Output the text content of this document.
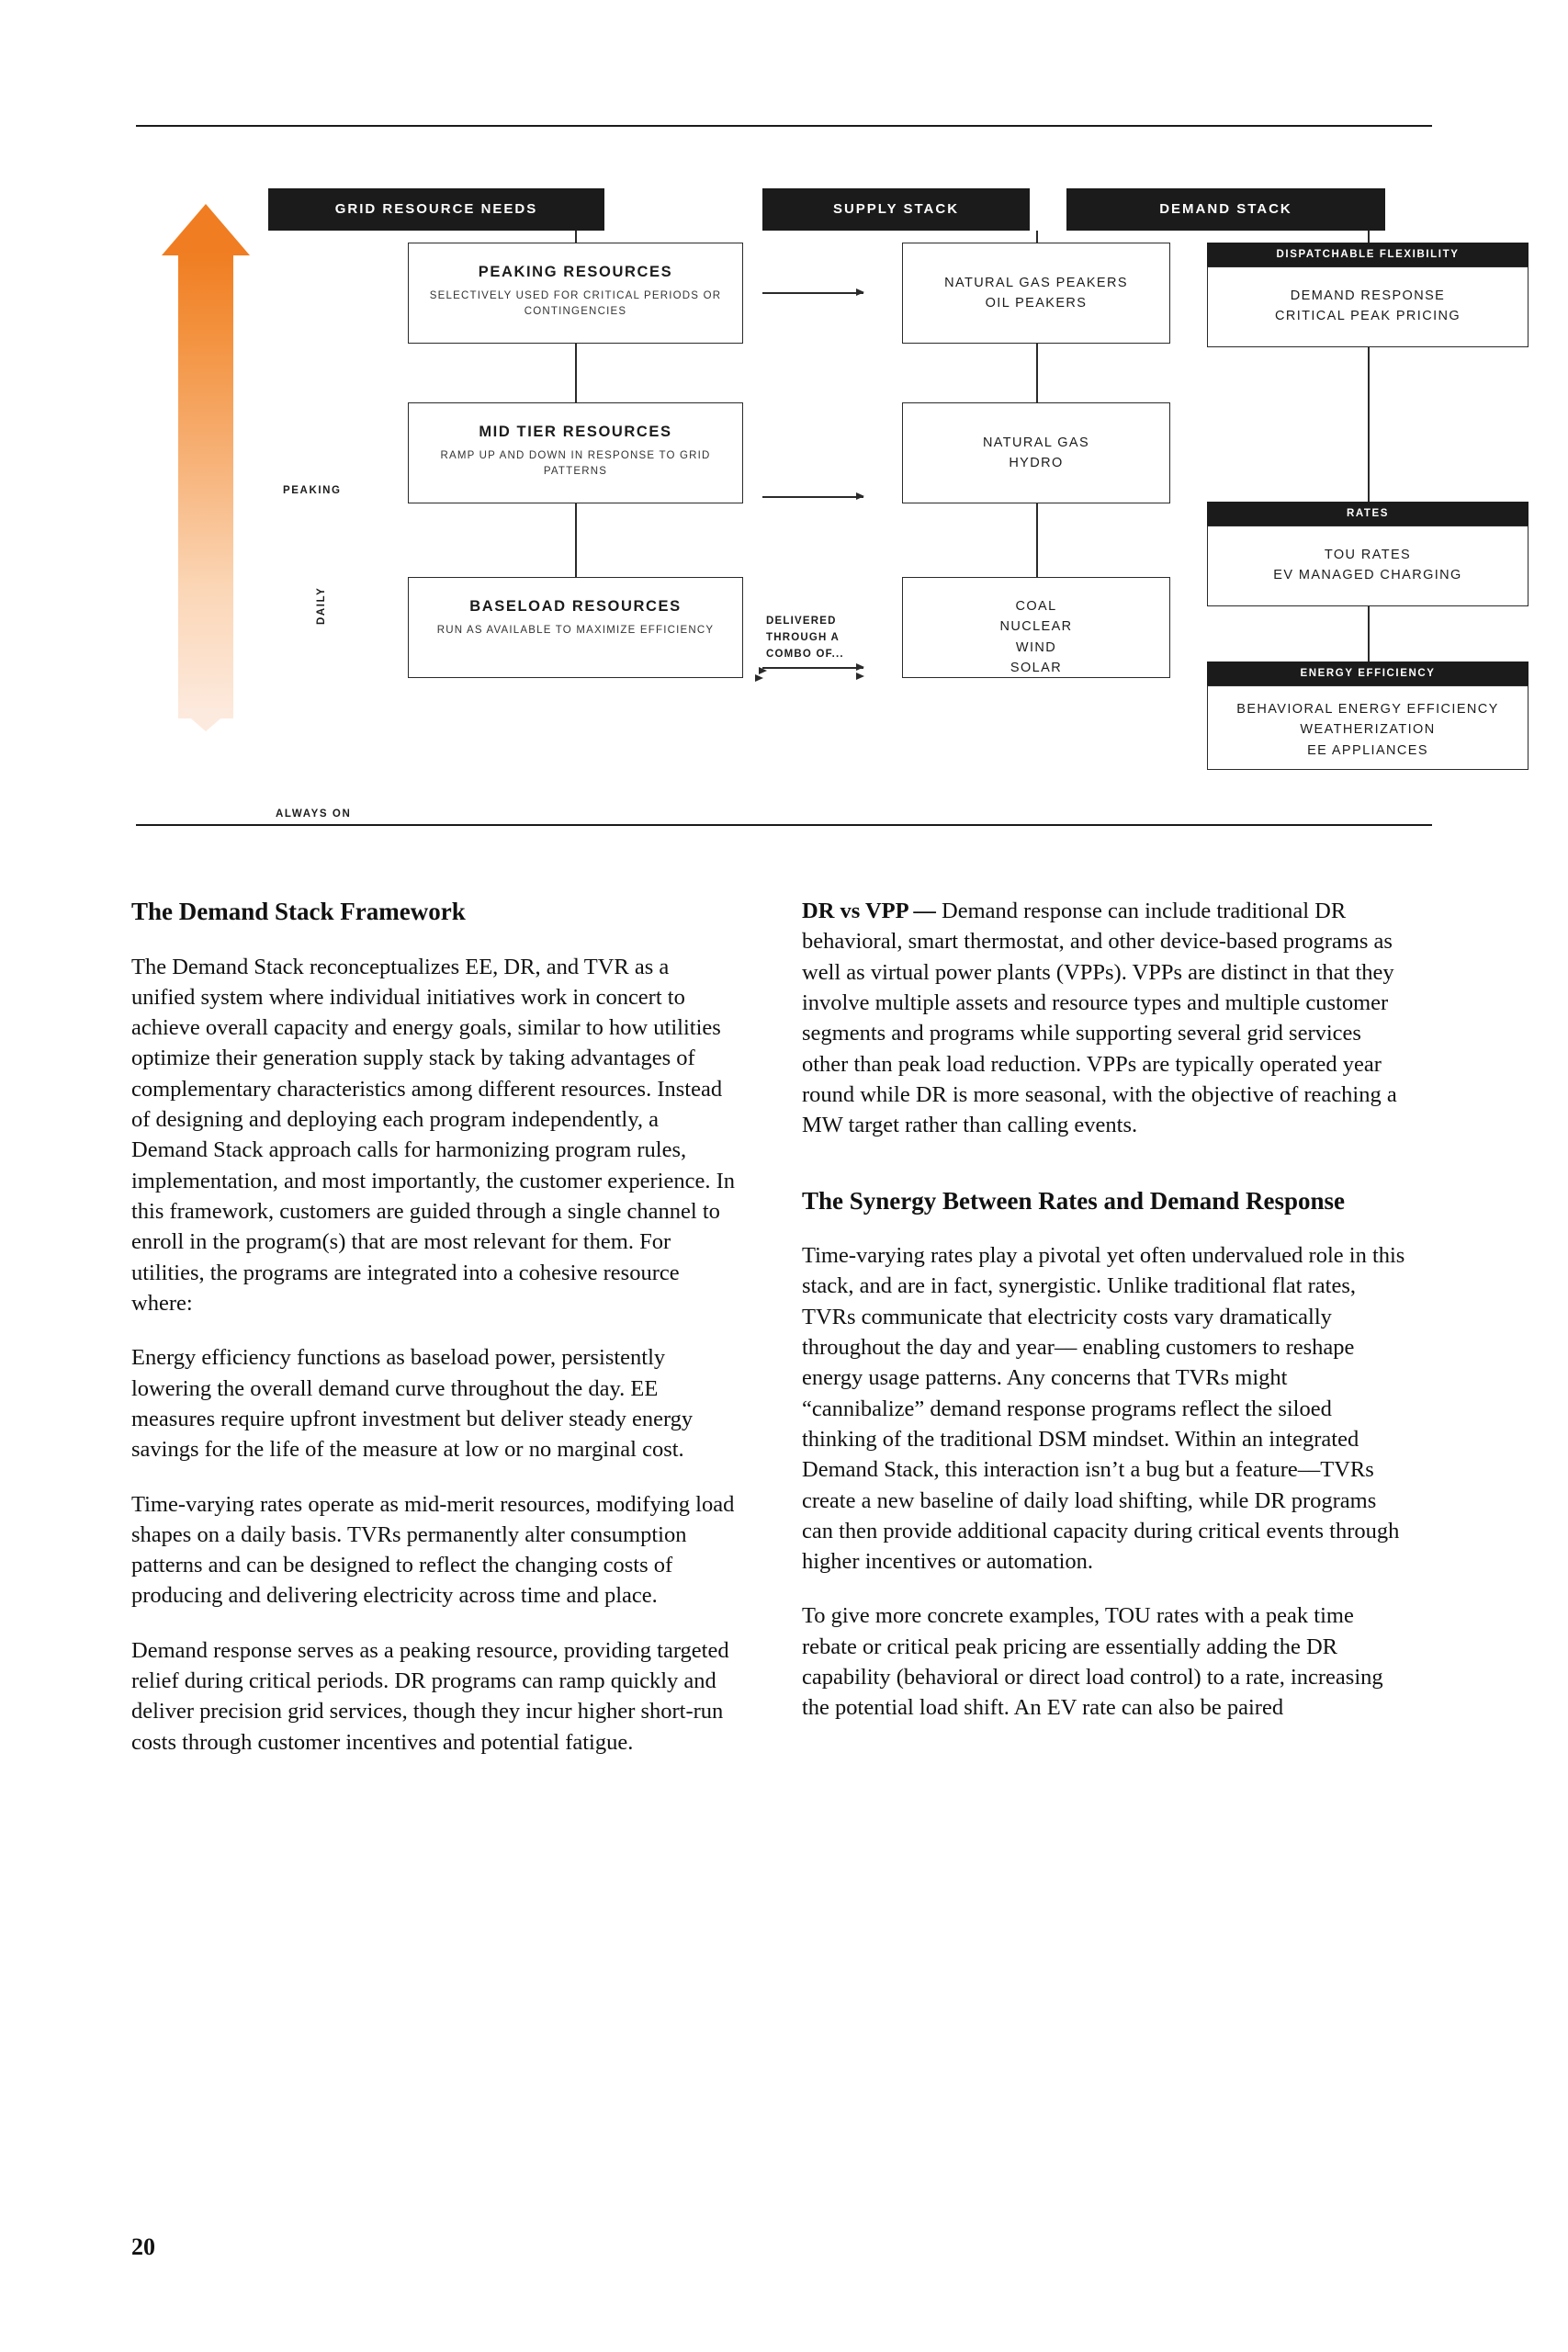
PEAKING
DAILY
ALWAYS ON
GRID RESOURCE NEEDS	SUPPLY STACK	DEMAND STACK
PEAKING RESOURCES
SELECTIVELY USED FOR CRITICAL PERIODS OR CONTINGENCIES
MID TIER RESOURCES
RAMP UP AND DOWN IN RESPONSE TO GRID PATTERNS
BASELOAD RESOURCES
RUN AS AVAILABLE TO MAXIMIZE EFFICIENCY
DELIVERED THROUGH A COMBO OF...
NATURAL GAS PEAKERS
OIL PEAKERS
NATURAL GAS
HYDRO
COAL
NUCLEAR
WIND
SOLAR
DISPATCHABLE FLEXIBILITY
DEMAND RESPONSE
CRITICAL PEAK PRICING
RATES
TOU RATES
EV MANAGED CHARGING
ENERGY EFFICIENCY
BEHAVIORAL ENERGY EFFICIENCY
WEATHERIZATION
EE APPLIANCES
The Demand Stack Framework

The Demand Stack reconceptualizes EE, DR, and TVR as a unified system where individual initiatives work in concert to achieve overall capacity and energy goals, similar to how utilities optimize their generation supply stack by taking advantages of complementary characteristics among different resources. Instead of designing and deploying each program independently, a Demand Stack approach calls for harmonizing program rules, implementation, and most importantly, the customer experience. In this framework, customers are guided through a single channel to enroll in the program(s) that are most relevant for them. For utilities, the programs are integrated into a cohesive resource where:

Energy efficiency functions as baseload power, persistently lowering the overall demand curve throughout the day. EE measures require upfront investment but deliver steady energy savings for the life of the measure at low or no marginal cost.

Time-varying rates operate as mid-merit resources, modifying load shapes on a daily basis. TVRs permanently alter consumption patterns and can be designed to reflect the changing costs of producing and delivering electricity across time and place.

Demand response serves as a peaking resource, providing targeted relief during critical periods. DR programs can ramp quickly and deliver precision grid services, though they incur higher short-run costs through customer incentives and potential fatigue.

DR vs VPP — Demand response can include traditional DR behavioral, smart thermostat, and other device-based programs as well as virtual power plants (VPPs). VPPs are distinct in that they involve multiple assets and resource types and multiple customer segments and programs while supporting several grid services other than peak load reduction. VPPs are typically operated year round while DR is more seasonal, with the objective of reaching a MW target rather than calling events.

The Synergy Between Rates and Demand Response

Time-varying rates play a pivotal yet often undervalued role in this stack, and are in fact, synergistic. Unlike traditional flat rates, TVRs communicate that electricity costs vary dramatically throughout the day and year–– enabling customers to reshape energy usage patterns. Any concerns that TVRs might “cannibalize” demand response programs reflect the siloed thinking of the traditional DSM mindset. Within an integrated Demand Stack, this interaction isn’t a bug but a feature––TVRs create a new baseline of daily load shifting, while DR programs can then provide additional capacity during critical events through higher incentives or automation.

To give more concrete examples, TOU rates with a peak time rebate or critical peak pricing are essentially adding the DR capability (behavioral or direct load control) to a rate, increasing the potential load shift. An EV rate can also be paired

20
